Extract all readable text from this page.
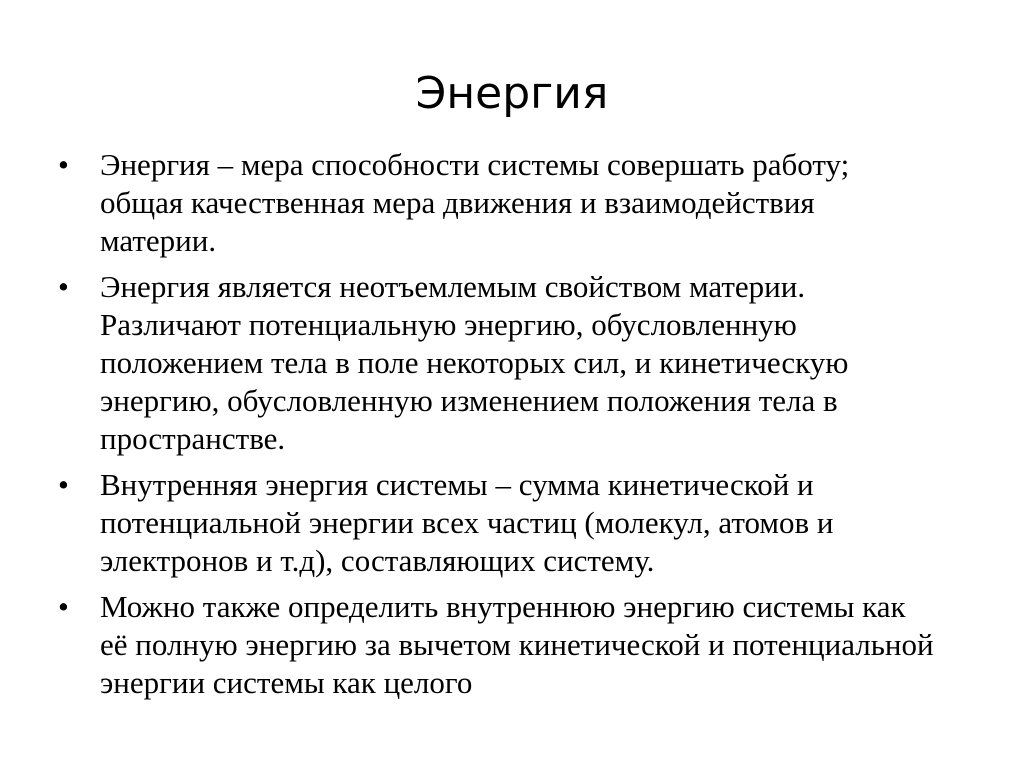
Энергия
•	Энергия – мера способности системы совершать работу; общая качественная мера движения и взаимодействия материи.
•	Энергия является неотъемлемым свойством материи. Различают потенциальную энергию, обусловленную положением тела в поле некоторых сил, и кинетическую энергию, обусловленную изменением положения тела в пространстве.
•	Внутренняя энергия системы – сумма кинетической и потенциальной энергии всех частиц (молекул, атомов и электронов и т.д), составляющих систему.
•	Можно также определить внутреннюю энергию системы как её полную энергию за вычетом кинетической и потенциальной энергии системы как целого
